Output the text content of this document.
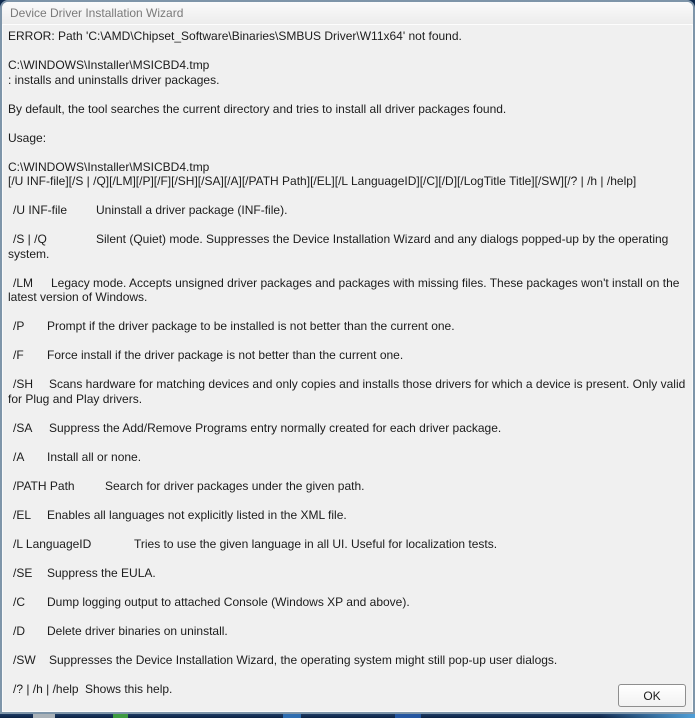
Device Driver Installation Wizard

ERROR: Path 'C:\AMD\Chipset_Software\Binaries\SMBUS Driver\W11x64' not found.

C:\WINDOWS\Installer\MSICBD4.tmp
: installs and uninstalls driver packages.

By default, the tool searches the current directory and tries to install all driver packages found.

Usage:

C:\WINDOWS\Installer\MSICBD4.tmp
[/U INF-file][/S | /Q][/LM][/P][/F][/SH][/SA][/A][/PATH Path][/EL][/L LanguageID][/C][/D][/LogTitle Title][/SW][/? | /h | /help]

/U INF-file Uninstall a driver package (INF-file).

/S | /Q	Silent (Quiet) mode. Suppresses the Device Installation Wizard and any dialogs popped-up by the operating system.

/LM Legacy mode. Accepts unsigned driver packages and packages with missing files. These packages won't install on the latest version of Windows.

/P Prompt if the driver package to be installed is not better than the current one.

/F Force install if the driver package is not better than the current one.

/SH Scans hardware for matching devices and only copies and installs those drivers for which a device is present. Only valid for Plug and Play drivers.

/SA Suppress the Add/Remove Programs entry normally created for each driver package.

/A Install all or none.

/PATH Path	Search for driver packages under the given path.

/EL Enables all languages not explicitly listed in the XML file.

/L LanguageID	Tries to use the given language in all UI. Useful for localization tests.

/SE Suppress the EULA.

/C Dump logging output to attached Console (Windows XP and above).

/D Delete driver binaries on uninstall.

/SW Suppresses the Device Installation Wizard, the operating system might still pop-up user dialogs.

/? | /h | /help Shows this help.	OK
